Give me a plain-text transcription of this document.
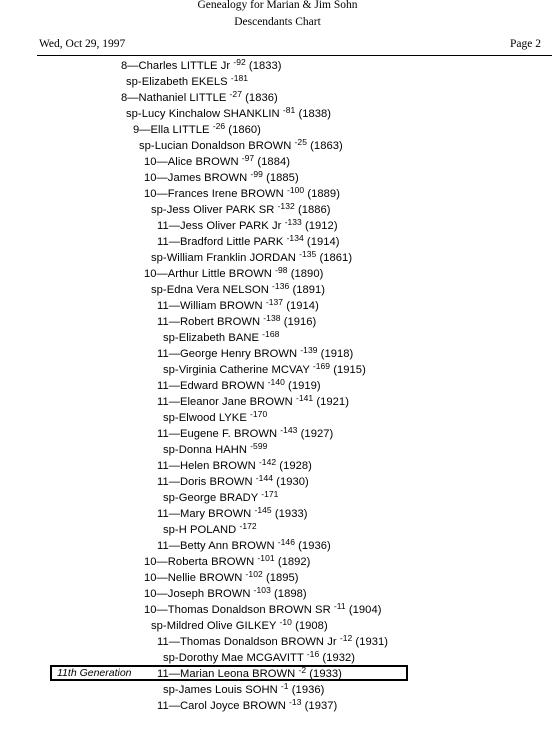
Genealogy for Marian & Jim Sohn
Descendants Chart
Wed, Oct 29, 1997	Page 2
8—Charles LITTLE Jr $^{-92}$ (1833)
sp-Elizabeth EKELS $^{-181}$
8—Nathaniel LITTLE $^{-27}$ (1836)
sp-Lucy Kinchalow SHANKLIN $^{-81}$ (1838)
9—Ella LITTLE $^{-26}$ (1860)
sp-Lucian Donaldson BROWN $^{-25}$ (1863)
10—Alice BROWN $^{-97}$ (1884)
10—James BROWN $^{-99}$ (1885)
10—Frances Irene BROWN $^{-100}$ (1889)
sp-Jess Oliver PARK SR $^{-132}$ (1886)
11—Jess Oliver PARK Jr $^{-133}$ (1912)
11—Bradford Little PARK $^{-134}$ (1914)
sp-William Franklin JORDAN $^{-135}$ (1861)
10—Arthur Little BROWN $^{-98}$ (1890)
sp-Edna Vera NELSON $^{-136}$ (1891)
11—William BROWN $^{-137}$ (1914)
11—Robert BROWN $^{-138}$ (1916)
sp-Elizabeth BANE $^{-168}$
11—George Henry BROWN $^{-139}$ (1918)
sp-Virginia Catherine MCVAY $^{-169}$ (1915)
11—Edward BROWN $^{-140}$ (1919)
11—Eleanor Jane BROWN $^{-141}$ (1921)
sp-Elwood LYKE $^{-170}$
11—Eugene F. BROWN $^{-143}$ (1927)
sp-Donna HAHN $^{-599}$
11—Helen BROWN $^{-142}$ (1928)
11—Doris BROWN $^{-144}$ (1930)
sp-George BRADY $^{-171}$
11—Mary BROWN $^{-145}$ (1933)
sp-H POLAND $^{-172}$
11—Betty Ann BROWN $^{-146}$ (1936)
10—Roberta BROWN $^{-101}$ (1892)
10—Nellie BROWN $^{-102}$ (1895)
10—Joseph BROWN $^{-103}$ (1898)
10—Thomas Donaldson BROWN SR $^{-11}$ (1904)
sp-Mildred Olive GILKEY $^{-10}$ (1908)
11—Thomas Donaldson BROWN Jr $^{-12}$ (1931)
sp-Dorothy Mae MCGAVITT $^{-16}$ (1932)
11—Marian Leona BROWN $^{-2}$ (1933)
sp-James Louis SOHN $^{-1}$ (1936)
11—Carol Joyce BROWN $^{-13}$ (1937)
11th Generation
